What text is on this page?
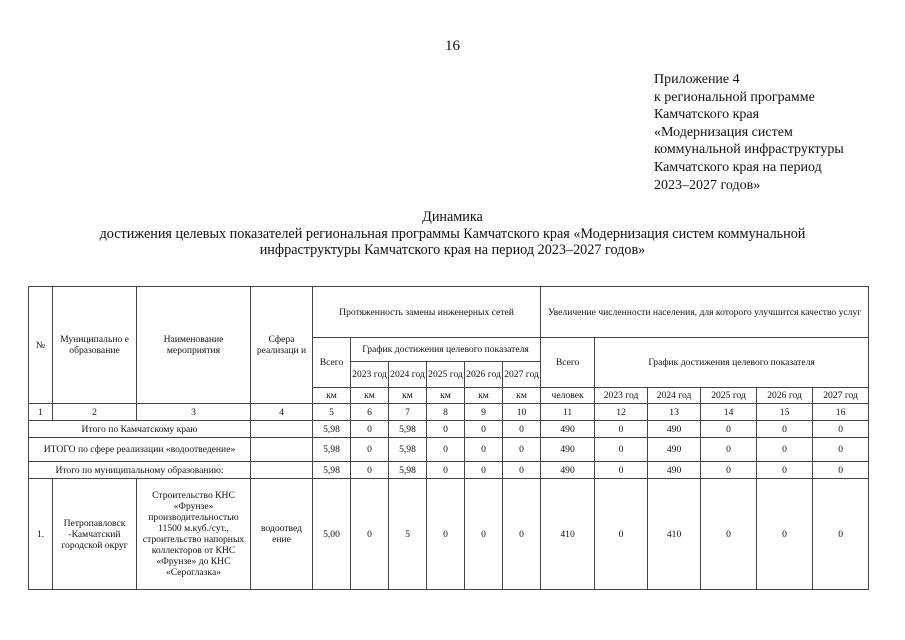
16
Приложение 4
к региональной программе
Камчатского края
«Модернизация систем
коммунальной инфраструктуры
Камчатского края на период
2023–2027 годов»
Динамика
достижения целевых показателей региональная программы Камчатского края «Модернизация систем коммунальной
инфраструктуры Камчатского края на период 2023–2027 годов»
№	Муниципально е образование	Наименование мероприятия	Сфера реализаци и	Протяженность замены инженерных сетей						Увеличение численности населения, для которого улучшится качество услуг					
				Всего	График достижения целевого показателя					Всего	График достижения целевого показателя				
					2023 год	2024 год	2025 год	2026 год	2027 год						
				км	км	км	км	км	км	человек	2023 год	2024 год	2025 год	2026 год	2027 год
1	2	3	4	5	6	7	8	9	10	11	12	13	14	15	16
Итого по Камчатскому краю				5,98	0	5,98	0	0	0	490	0	490	0	0	0
ИТОГО по сфере реализации «водоотведение»				5,98	0	5,98	0	0	0	490	0	490	0	0	0
Итого по муниципальному образованию:				5,98	0	5,98	0	0	0	490	0	490	0	0	0
1.	Петропавловск -Камчатский городской округ	Строительство КНС «Фрунзе» производительностью 11500 м.куб./сут., строительство напорных коллекторов от КНС «Фрунзе» до КНС «Сероглазка»	водоотвед ение	5,00	0	5	0	0	0	410	0	410	0	0	0
